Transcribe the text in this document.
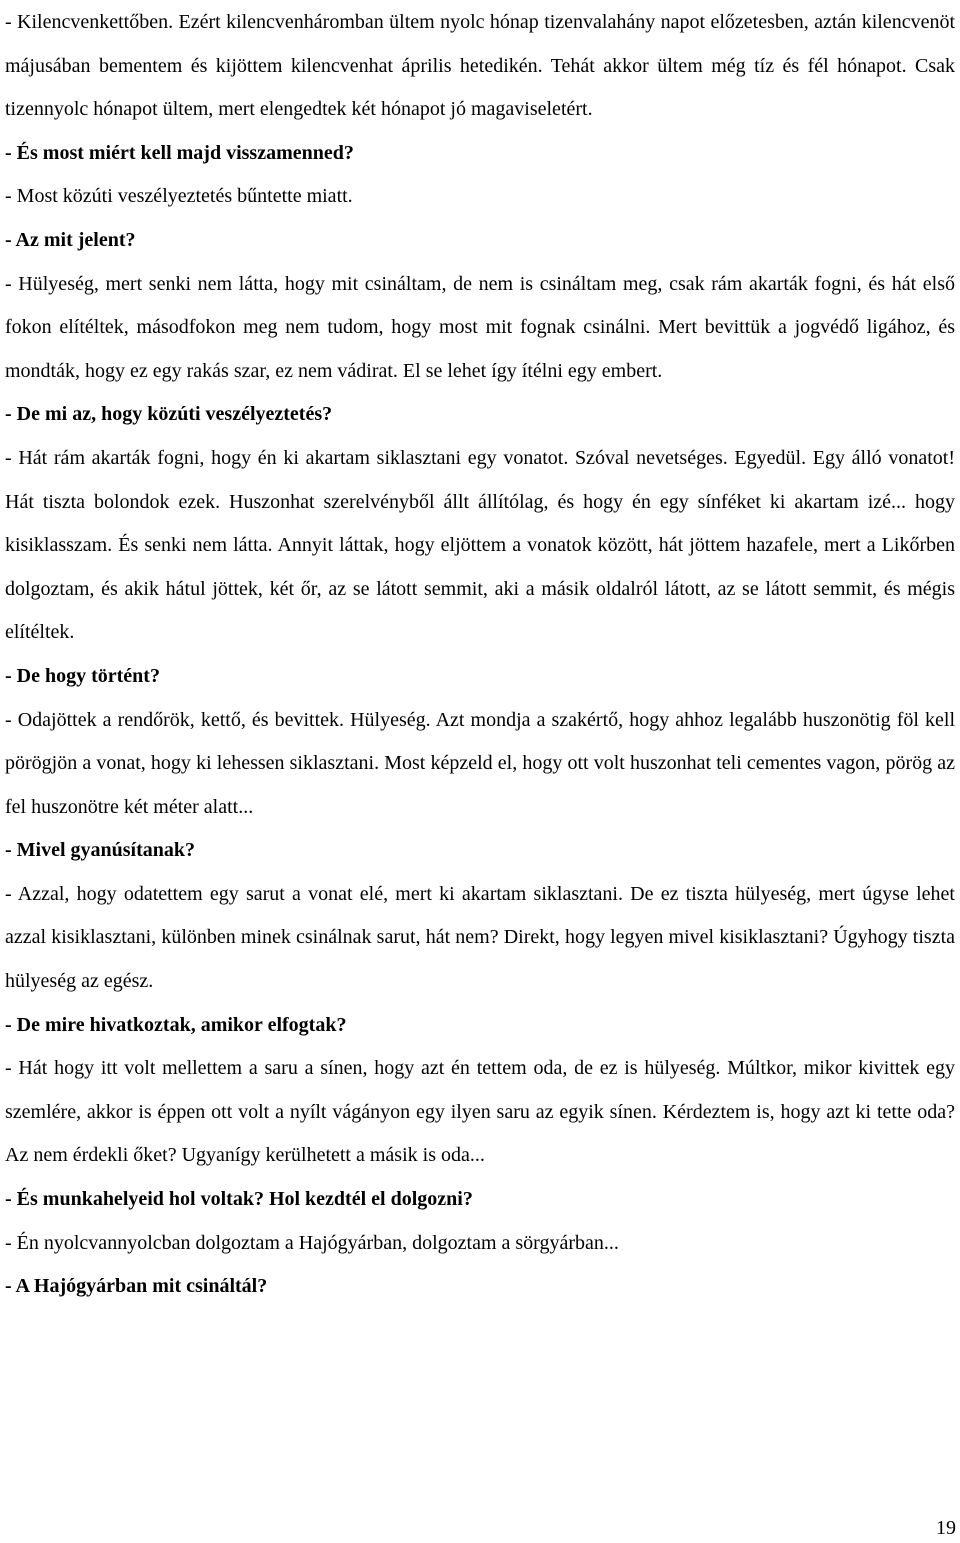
- Kilencvenkettőben. Ezért kilencvenháromban ültem nyolc hónap tizenvalahány napot előzetesben, aztán kilencvenöt májusában bementem és kijöttem kilencvenhat április hetedikén. Tehát akkor ültem még tíz és fél hónapot. Csak tizennyolc hónapot ültem, mert elengedtek két hónapot jó magaviseletért.

- És most miért kell majd visszamenned?

- Most közúti veszélyeztetés bűntette miatt.

- Az mit jelent?

- Hülyeség, mert senki nem látta, hogy mit csináltam, de nem is csináltam meg, csak rám akarták fogni, és hát első fokon elítéltek, másodfokon meg nem tudom, hogy most mit fognak csinálni. Mert bevittük a jogvédő ligához, és mondták, hogy ez egy rakás szar, ez nem vádirat. El se lehet így ítélni egy embert.

- De mi az, hogy közúti veszélyeztetés?

- Hát rám akarták fogni, hogy én ki akartam siklasztani egy vonatot. Szóval nevetséges. Egyedül. Egy álló vonatot! Hát tiszta bolondok ezek. Huszonhat szerelvényből állt állítólag, és hogy én egy sínféket ki akartam izé... hogy kisiklasszam. És senki nem látta. Annyit láttak, hogy eljöttem a vonatok között, hát jöttem hazafele, mert a Likőrben dolgoztam, és akik hátul jöttek, két őr, az se látott semmit, aki a másik oldalról látott, az se látott semmit, és mégis elítéltek.

- De hogy történt?

- Odajöttek a rendőrök, kettő, és bevittek. Hülyeség. Azt mondja a szakértő, hogy ahhoz legalább huszonötig föl kell pörögjön a vonat, hogy ki lehessen siklasztani. Most képzeld el, hogy ott volt huszonhat teli cementes vagon, pörög az fel huszonötre két méter alatt...

- Mivel gyanúsítanak?

- Azzal, hogy odatettem egy sarut a vonat elé, mert ki akartam siklasztani. De ez tiszta hülyeség, mert úgyse lehet azzal kisiklasztani, különben minek csinálnak sarut, hát nem? Direkt, hogy legyen mivel kisiklasztani? Úgyhogy tiszta hülyeség az egész.

- De mire hivatkoztak, amikor elfogtak?

- Hát hogy itt volt mellettem a saru a sínen, hogy azt én tettem oda, de ez is hülyeség. Múltkor, mikor kivittek egy szemlére, akkor is éppen ott volt a nyílt vágányon egy ilyen saru az egyik sínen. Kérdeztem is, hogy azt ki tette oda? Az nem érdekli őket? Ugyanígy kerülhetett a másik is oda...

- És munkahelyeid hol voltak? Hol kezdtél el dolgozni?

- Én nyolcvannyolcban dolgoztam a Hajógyárban, dolgoztam a sörgyárban...

- A Hajógyárban mit csináltál?

19
